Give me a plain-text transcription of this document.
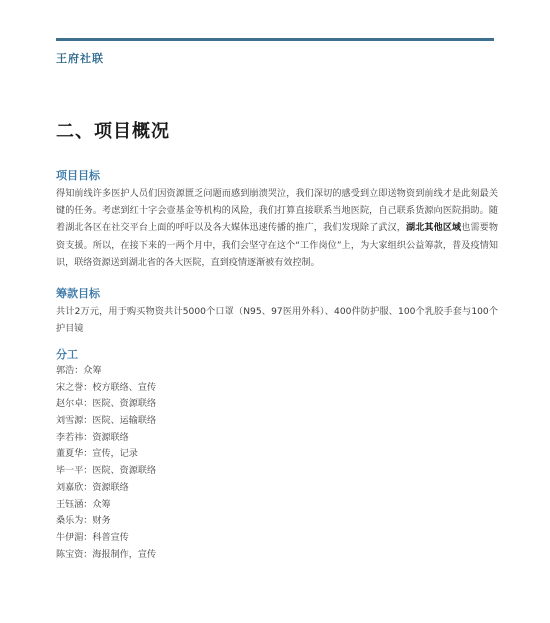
王府社联
二、项目概况
项目目标

得知前线许多医护人员们因资源匮乏问题而感到崩溃哭泣，我们深切的感受到立即送物资到前线才是此刻最关键的任务。考虑到红十字会壹基金等机构的风险，我们打算直接联系当地医院，自己联系货源向医院捐助。随着湖北各区在社交平台上面的呼吁以及各大媒体迅速传播的推广，我们发现除了武汉，湖北其他区域也需要物资支援。所以，在接下来的一两个月中，我们会坚守在这个“工作岗位”上，为大家组织公益筹款，普及疫情知识，联络资源送到湖北省的各大医院，直到疫情逐渐被有效控制。

筹款目标

共计2万元，用于购买物资共计5000个口罩（N95、97医用外科）、400件防护服、100个乳胶手套与100个护目镜

分工
郭浩：众筹
宋之誉：校方联络、宣传
赵尔卓：医院、资源联络
刘雪源：医院、运输联络
李若祎：资源联络
董夏华：宣传，记录
毕一平：医院、资源联络
刘嘉欣：资源联络
王钰涵：众筹
桑乐为：财务
牛伊湄：科普宣传
陈宝资：海报制作，宣传
